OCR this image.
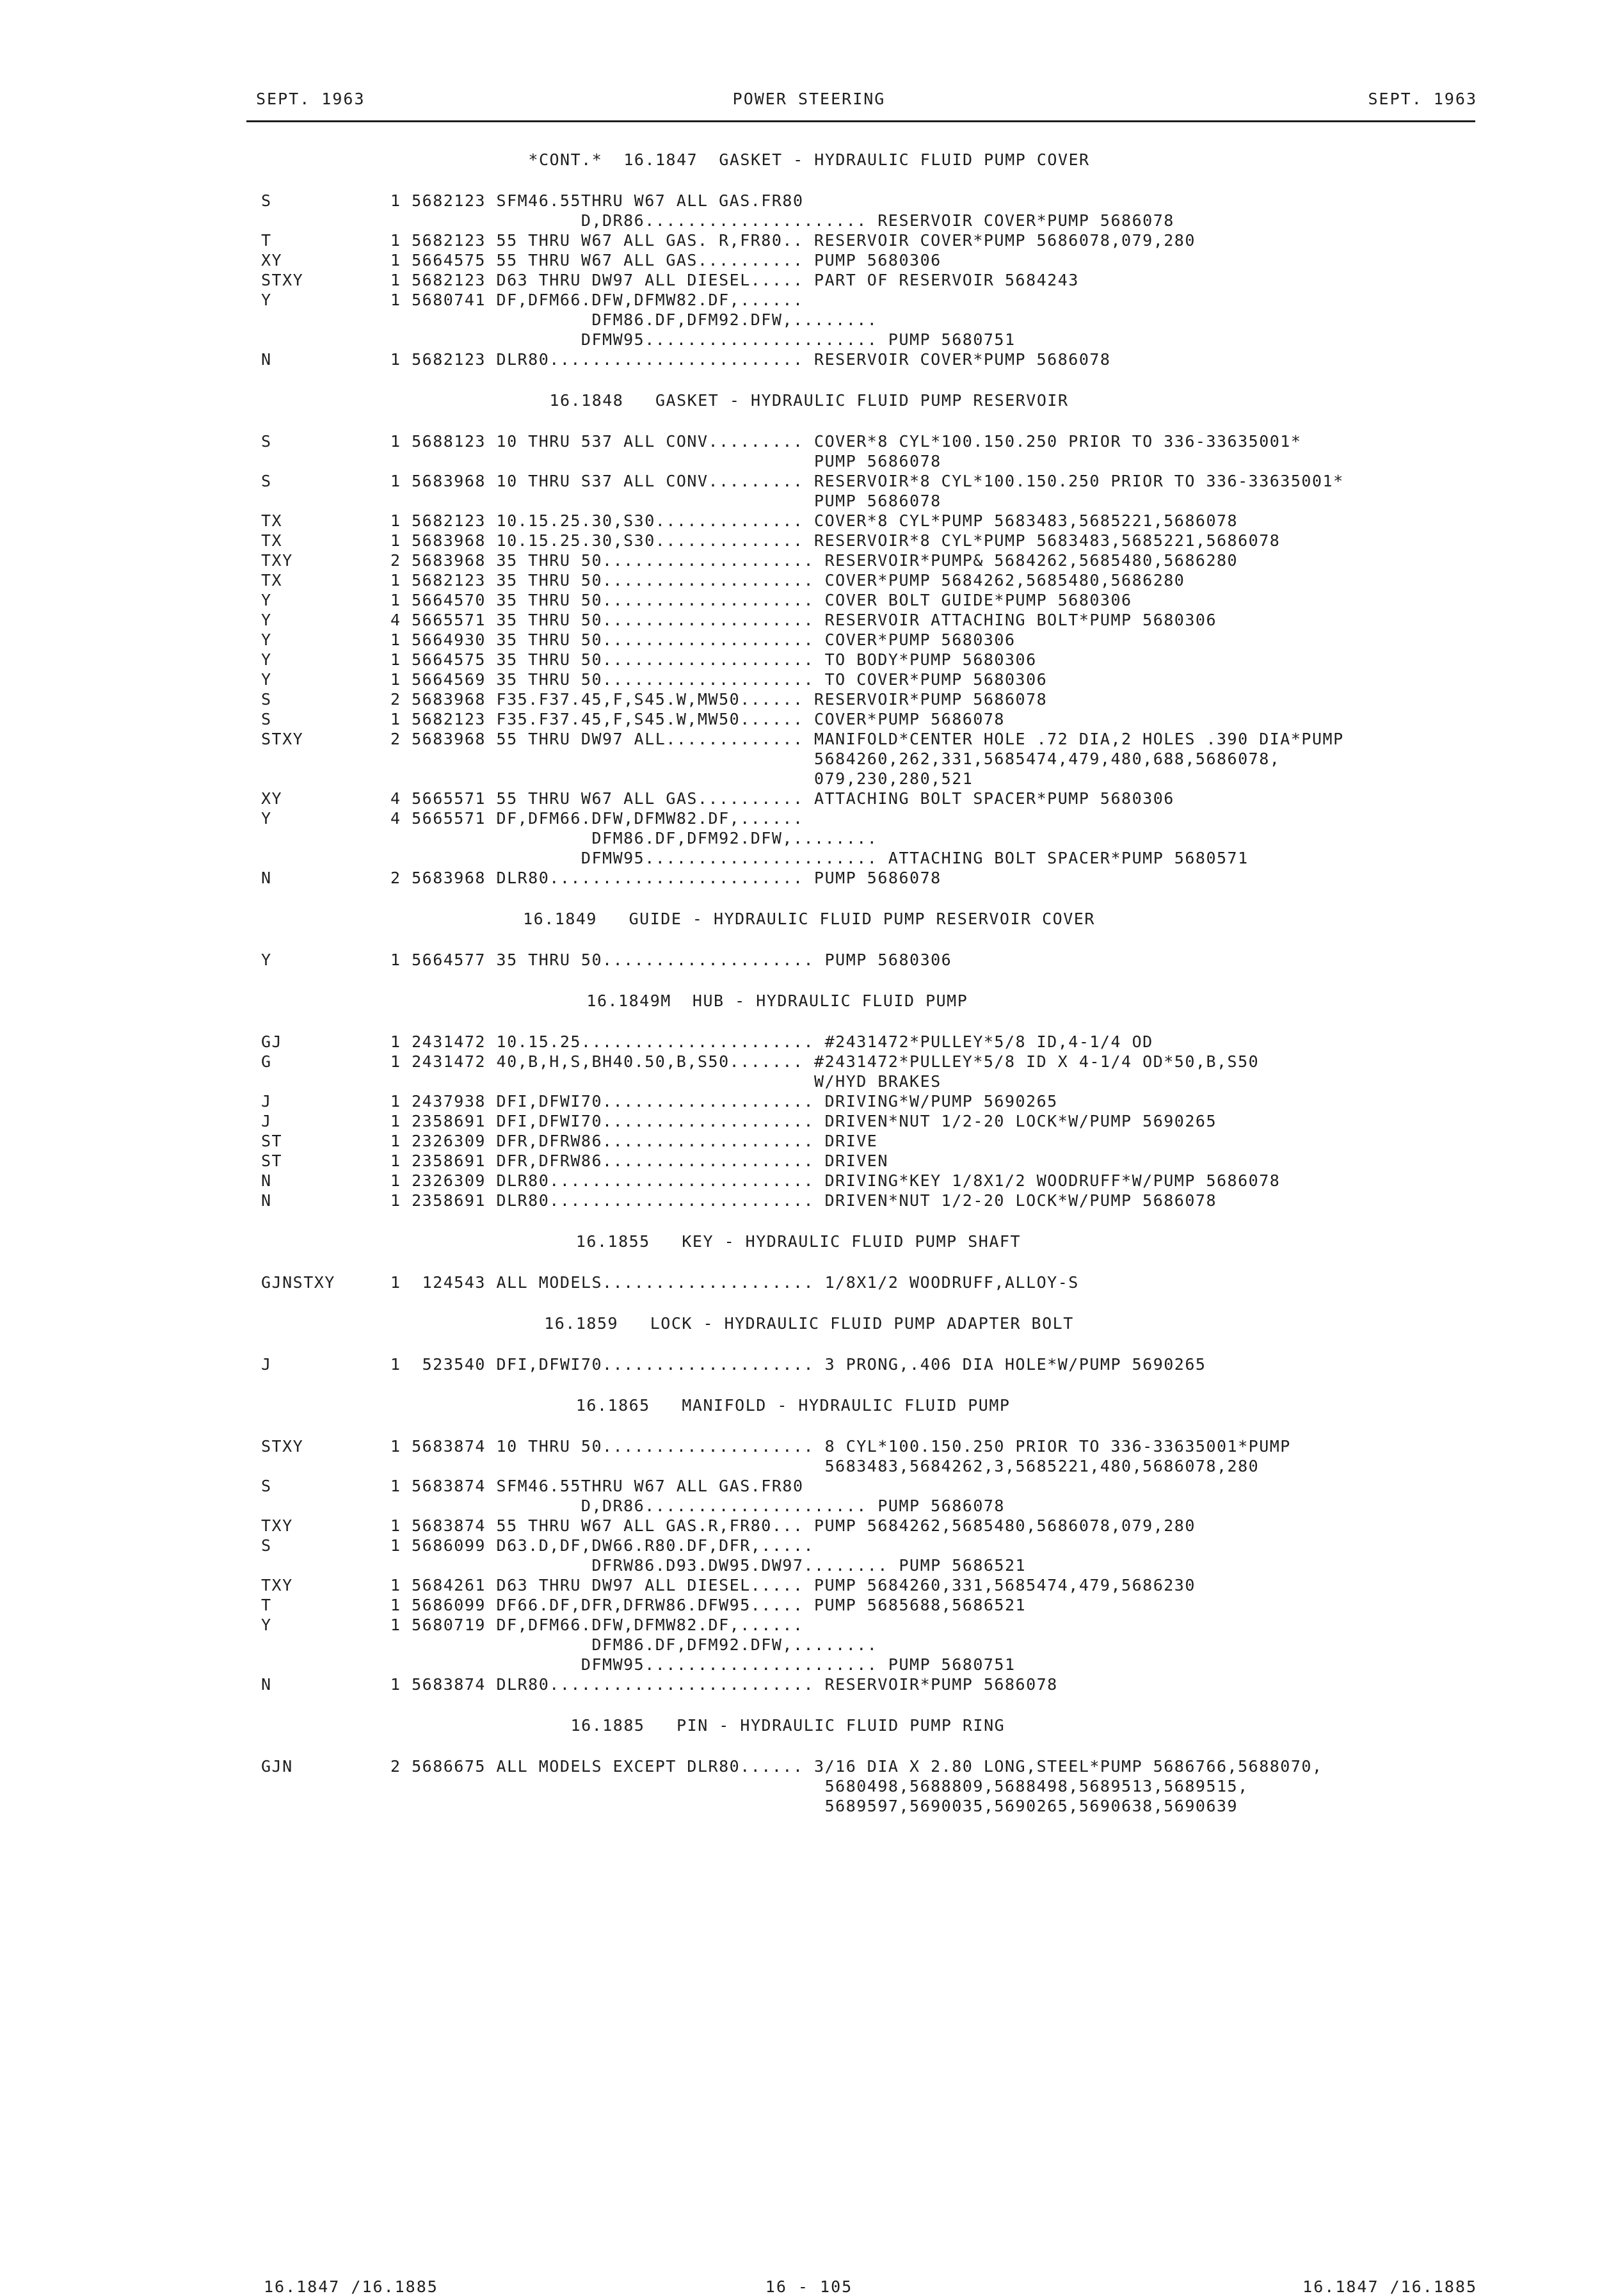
SEPT. 1963	POWER STEERING	SEPT. 1963
*CONT.*  16.1847  GASKET - HYDRAULIC FLUID PUMP COVER
S	1 5682123 SFM46.55THRU W67 ALL GAS.FR80
D,DR86..................... RESERVOIR COVER*PUMP 5686078
T	1 5682123 55 THRU W67 ALL GAS. R,FR80.. RESERVOIR COVER*PUMP 5686078,079,280
XY	1 5664575 55 THRU W67 ALL GAS.......... PUMP 5680306
STXY	1 5682123 D63 THRU DW97 ALL DIESEL..... PART OF RESERVOIR 5684243
Y	1 5680741 DF,DFM66.DFW,DFMW82.DF,......
DFM86.DF,DFM92.DFW,........
DFMW95...................... PUMP 5680751
N	1 5682123 DLR80........................ RESERVOIR COVER*PUMP 5686078
16.1848   GASKET - HYDRAULIC FLUID PUMP RESERVOIR
S	1 5688123 10 THRU 537 ALL CONV......... COVER*8 CYL*100.150.250 PRIOR TO 336-33635001*
PUMP 5686078
S	1 5683968 10 THRU S37 ALL CONV......... RESERVOIR*8 CYL*100.150.250 PRIOR TO 336-33635001*
PUMP 5686078
TX	1 5682123 10.15.25.30,S30.............. COVER*8 CYL*PUMP 5683483,5685221,5686078
TX	1 5683968 10.15.25.30,S30.............. RESERVOIR*8 CYL*PUMP 5683483,5685221,5686078
TXY	2 5683968 35 THRU 50.................... RESERVOIR*PUMP& 5684262,5685480,5686280
TX	1 5682123 35 THRU 50.................... COVER*PUMP 5684262,5685480,5686280
Y	1 5664570 35 THRU 50.................... COVER BOLT GUIDE*PUMP 5680306
Y	4 5665571 35 THRU 50.................... RESERVOIR ATTACHING BOLT*PUMP 5680306
Y	1 5664930 35 THRU 50.................... COVER*PUMP 5680306
Y	1 5664575 35 THRU 50.................... TO BODY*PUMP 5680306
Y	1 5664569 35 THRU 50.................... TO COVER*PUMP 5680306
S	2 5683968 F35.F37.45,F,S45.W,MW50...... RESERVOIR*PUMP 5686078
S	1 5682123 F35.F37.45,F,S45.W,MW50...... COVER*PUMP 5686078
STXY	2 5683968 55 THRU DW97 ALL............. MANIFOLD*CENTER HOLE .72 DIA,2 HOLES .390 DIA*PUMP
5684260,262,331,5685474,479,480,688,5686078,
079,230,280,521
XY	4 5665571 55 THRU W67 ALL GAS.......... ATTACHING BOLT SPACER*PUMP 5680306
Y	4 5665571 DF,DFM66.DFW,DFMW82.DF,......
DFM86.DF,DFM92.DFW,........
DFMW95...................... ATTACHING BOLT SPACER*PUMP 5680571
N	2 5683968 DLR80........................ PUMP 5686078
16.1849   GUIDE - HYDRAULIC FLUID PUMP RESERVOIR COVER
Y	1 5664577 35 THRU 50.................... PUMP 5680306
16.1849M  HUB - HYDRAULIC FLUID PUMP
GJ	1 2431472 10.15.25...................... #2431472*PULLEY*5/8 ID,4-1/4 OD
G	1 2431472 40,B,H,S,BH40.50,B,S50....... #2431472*PULLEY*5/8 ID X 4-1/4 OD*50,B,S50
W/HYD BRAKES
J	1 2437938 DFI,DFWI70.................... DRIVING*W/PUMP 5690265
J	1 2358691 DFI,DFWI70.................... DRIVEN*NUT 1/2-20 LOCK*W/PUMP 5690265
ST	1 2326309 DFR,DFRW86.................... DRIVE
ST	1 2358691 DFR,DFRW86.................... DRIVEN
N	1 2326309 DLR80......................... DRIVING*KEY 1/8X1/2 WOODRUFF*W/PUMP 5686078
N	1 2358691 DLR80......................... DRIVEN*NUT 1/2-20 LOCK*W/PUMP 5686078
16.1855   KEY - HYDRAULIC FLUID PUMP SHAFT
GJNSTXY	1  124543 ALL MODELS.................... 1/8X1/2 WOODRUFF,ALLOY-S
16.1859   LOCK - HYDRAULIC FLUID PUMP ADAPTER BOLT
J	1  523540 DFI,DFWI70.................... 3 PRONG,.406 DIA HOLE*W/PUMP 5690265
16.1865   MANIFOLD - HYDRAULIC FLUID PUMP
STXY	1 5683874 10 THRU 50.................... 8 CYL*100.150.250 PRIOR TO 336-33635001*PUMP
5683483,5684262,3,5685221,480,5686078,280
S	1 5683874 SFM46.55THRU W67 ALL GAS.FR80
D,DR86..................... PUMP 5686078
TXY	1 5683874 55 THRU W67 ALL GAS.R,FR80... PUMP 5684262,5685480,5686078,079,280
S	1 5686099 D63.D,DF,DW66.R80.DF,DFR,.....
DFRW86.D93.DW95.DW97........ PUMP 5686521
TXY	1 5684261 D63 THRU DW97 ALL DIESEL..... PUMP 5684260,331,5685474,479,5686230
T	1 5686099 DF66.DF,DFR,DFRW86.DFW95..... PUMP 5685688,5686521
Y	1 5680719 DF,DFM66.DFW,DFMW82.DF,......
DFM86.DF,DFM92.DFW,........
DFMW95...................... PUMP 5680751
N	1 5683874 DLR80......................... RESERVOIR*PUMP 5686078
16.1885   PIN - HYDRAULIC FLUID PUMP RING
GJN	2 5686675 ALL MODELS EXCEPT DLR80...... 3/16 DIA X 2.80 LONG,STEEL*PUMP 5686766,5688070,
5680498,5688809,5688498,5689513,5689515,
5689597,5690035,5690265,5690638,5690639
16.1847 /16.1885	16 - 105	16.1847 /16.1885
